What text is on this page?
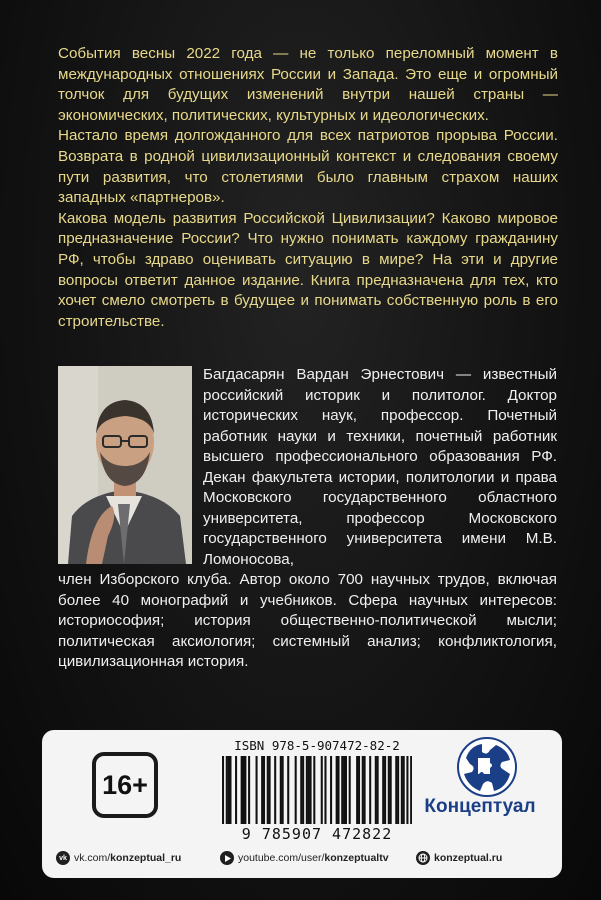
События весны 2022 года — не только переломный момент в международных отношениях России и Запада. Это еще и огромный толчок для будущих изменений внутри нашей страны — экономических, политических, культурных и идеологических.

Настало время долгожданного для всех патриотов прорыва России. Возврата в родной цивилизационный контекст и следования своему пути развития, что столетиями было главным страхом наших западных «партнеров».

Какова модель развития Российской Цивилизации? Каково мировое предназначение России? Что нужно понимать каждому гражданину РФ, чтобы здраво оценивать ситуацию в мире? На эти и другие вопросы ответит данное издание. Книга предназначена для тех, кто хочет смело смотреть в будущее и понимать собственную роль в его строительстве.

Багдасарян Вардан Эрнестович — известный российский историк и политолог. Доктор исторических наук, профессор. Почетный работник науки и техники, почетный работник высшего профессионального образования РФ. Декан факультета истории, политологии и права Московского государственного областного университета, профессор Московского государственного университета имени М.В. Ломоносова,
член Изборского клуба. Автор около 700 научных трудов, включая более 40 монографий и учебников. Сфера научных интересов: историософия; история общественно-политической мысли; политическая аксиология; системный анализ; конфликтология, цивилизационная история.
16+
ISBN 978-5-907472-82-2
9 785907 472822
Концептуал
vk vk.com/ konzeptual_ru	youtube.com/user/ konzeptualtv	konzeptual.ru
